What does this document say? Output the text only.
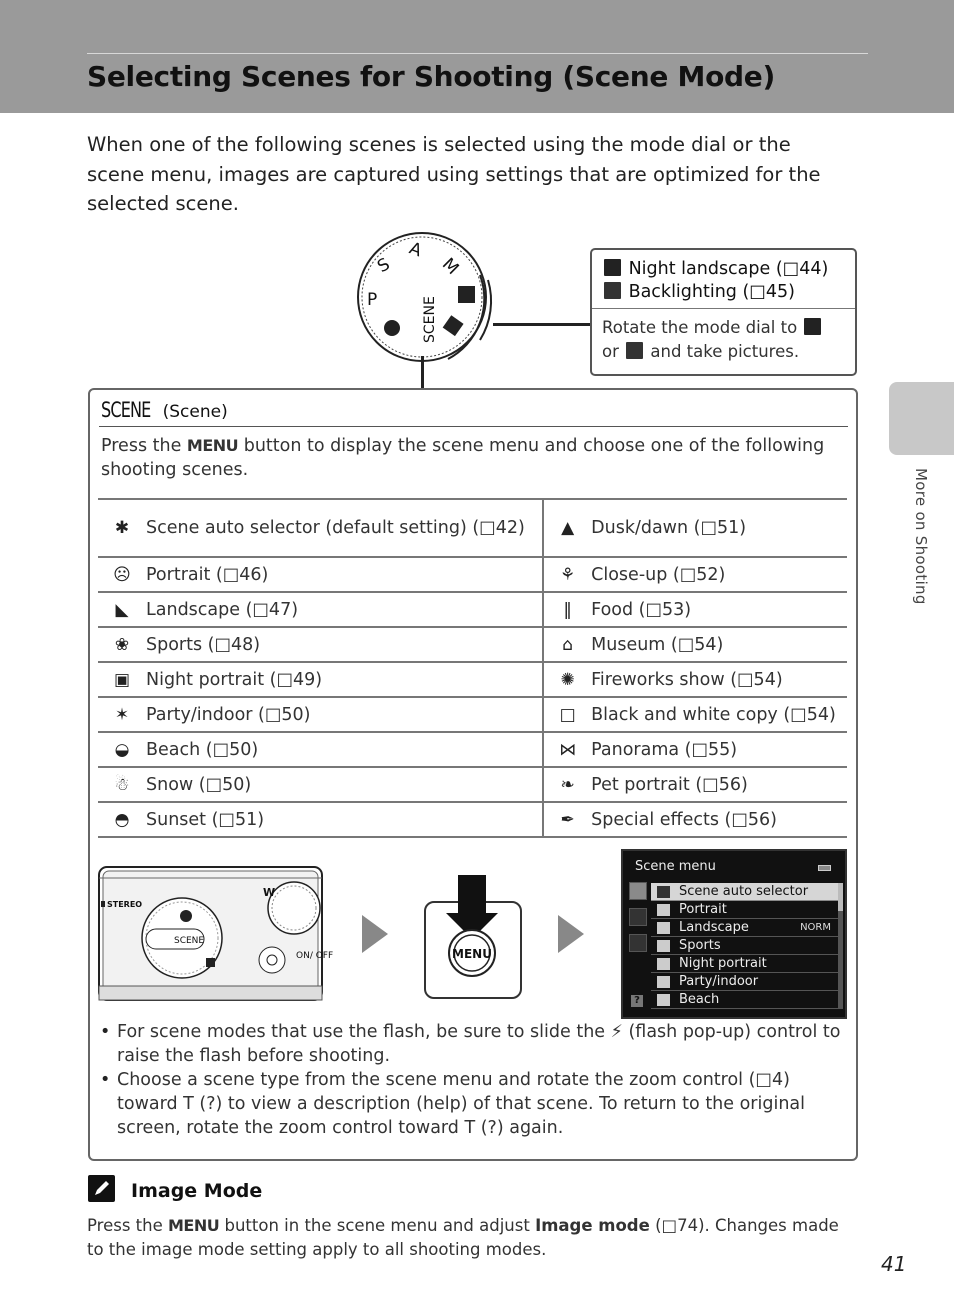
Selecting Scenes for Shooting (Scene Mode)

When one of the following scenes is selected using the mode dial or the scene menu, images are captured using settings that are optimized for the selected scene.

A
S	M
P	SCENE
Night landscape (□44)
Backlighting (□45)
Rotate the mode dial to
or and take pictures.
SCENE (Scene)

Press the MENU button to display the scene menu and choose one of the following shooting scenes.

✱	Scene auto selector (default setting) (□42)	▲	Dusk/dawn (□51)
☹	Portrait (□46)	⚘	Close-up (□52)
◣	Landscape (□47)	‖	Food (□53)
❀	Sports (□48)	⌂	Museum (□54)
▣	Night portrait (□49)	✺	Fireworks show (□54)
✶	Party/indoor (□50)	□	Black and white copy (□54)
◒	Beach (□50)	⋈	Panorama (□55)
☃	Snow (□50)	❧	Pet portrait (□56)
◓	Sunset (□51)	✒	Special effects (□56)
STEREO
SCENE
ON/ OFF
W
MENU
Scene menu
?
Scene auto selector
Portrait
Landscape	NORM
Sports
Night portrait
Party/indoor
Beach
• For scene modes that use the flash, be sure to slide the ⚡ (flash pop-up) control to raise the flash before shooting.
• Choose a scene type from the scene menu and rotate the zoom control (□4) toward T (?) to view a description (help) of that scene. To return to the original screen, rotate the zoom control toward T (?) again.
Image Mode

Press the MENU button in the scene menu and adjust Image mode (□74). Changes made to the image mode setting apply to all shooting modes.

More on Shooting
41
